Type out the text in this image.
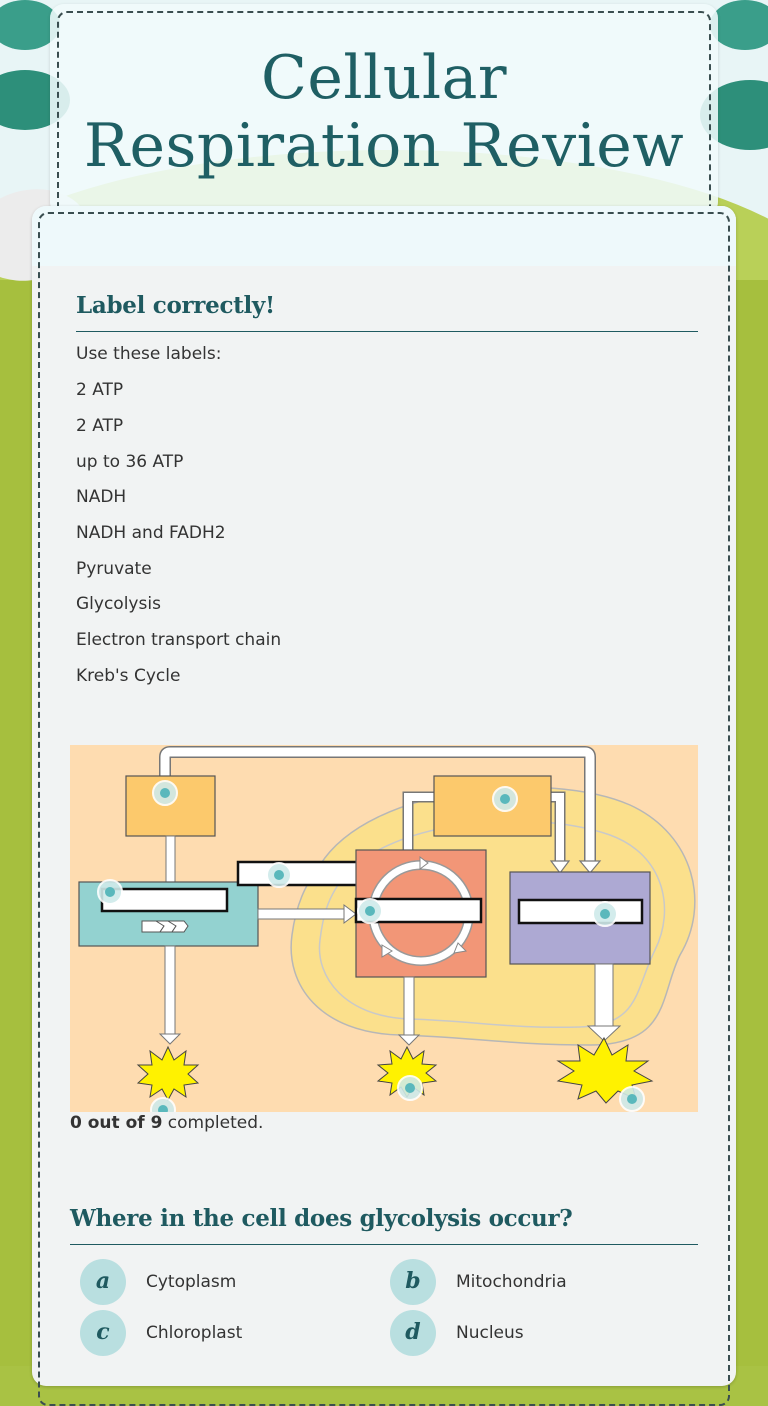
Cellular
Respiration Review
Label correctly!
Use these labels:
2 ATP
2 ATP
up to 36 ATP
NADH
NADH and FADH2
Pyruvate
Glycolysis
Electron transport chain
Kreb's Cycle
0 out of 9 completed.
Where in the cell does glycolysis occur?
a	Cytoplasm	b	Mitochondria
c	Chloroplast	d	Nucleus
